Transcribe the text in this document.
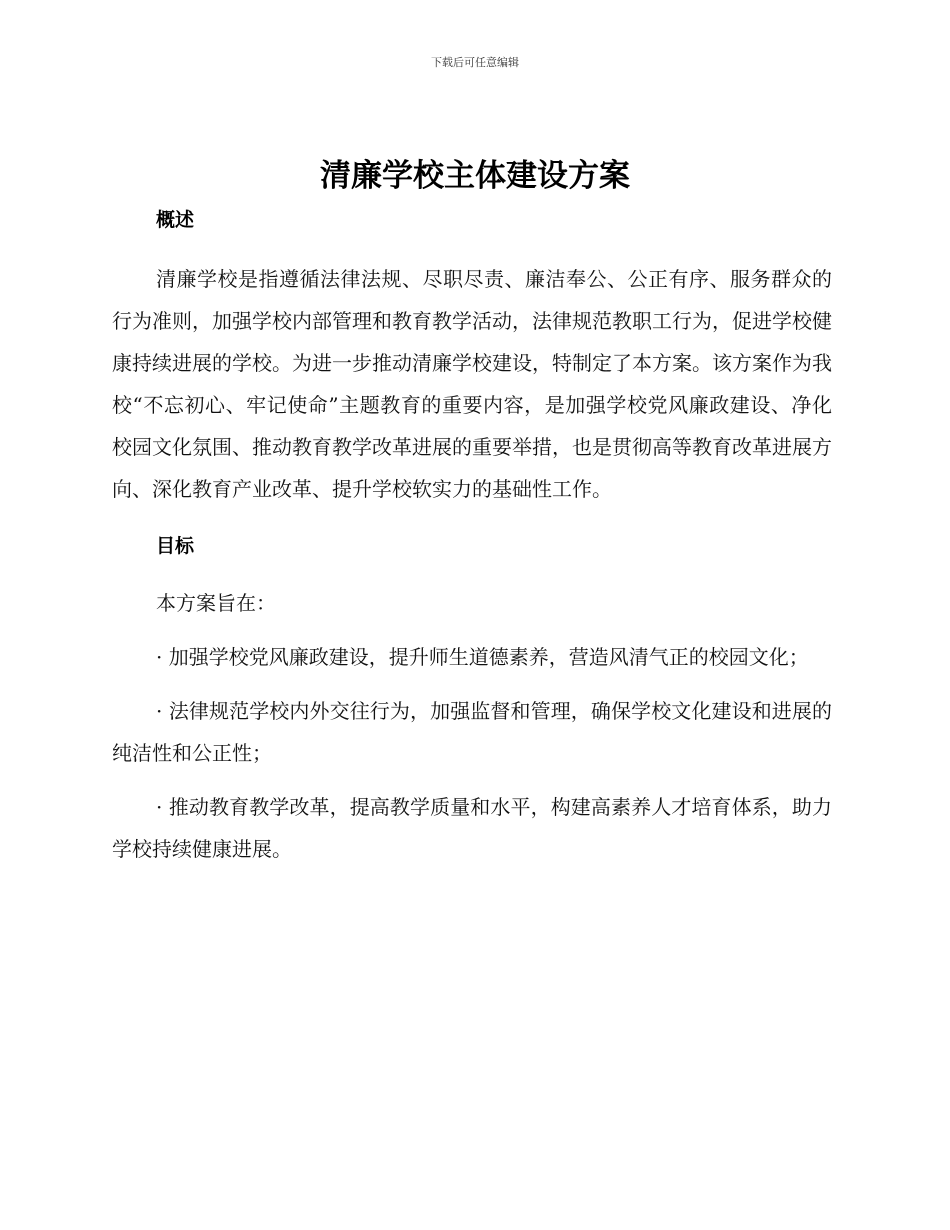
下载后可任意编辑
清廉学校主体建设方案

概述

清廉学校是指遵循法律法规、尽职尽责、廉洁奉公、公正有序、服务群众的行为准则，加强学校内部管理和教育教学活动，法律规范教职工行为，促进学校健康持续进展的学校。为进一步推动清廉学校建设，特制定了本方案。该方案作为我校“不忘初心、牢记使命”主题教育的重要内容，是加强学校党风廉政建设、净化校园文化氛围、推动教育教学改革进展的重要举措，也是贯彻高等教育改革进展方向、深化教育产业改革、提升学校软实力的基础性工作。

目标

本方案旨在：

· 加强学校党风廉政建设，提升师生道德素养，营造风清气正的校园文化；

· 法律规范学校内外交往行为，加强监督和管理，确保学校文化建设和进展的纯洁性和公正性；

· 推动教育教学改革，提高教学质量和水平，构建高素养人才培育体系，助力学校持续健康进展。
